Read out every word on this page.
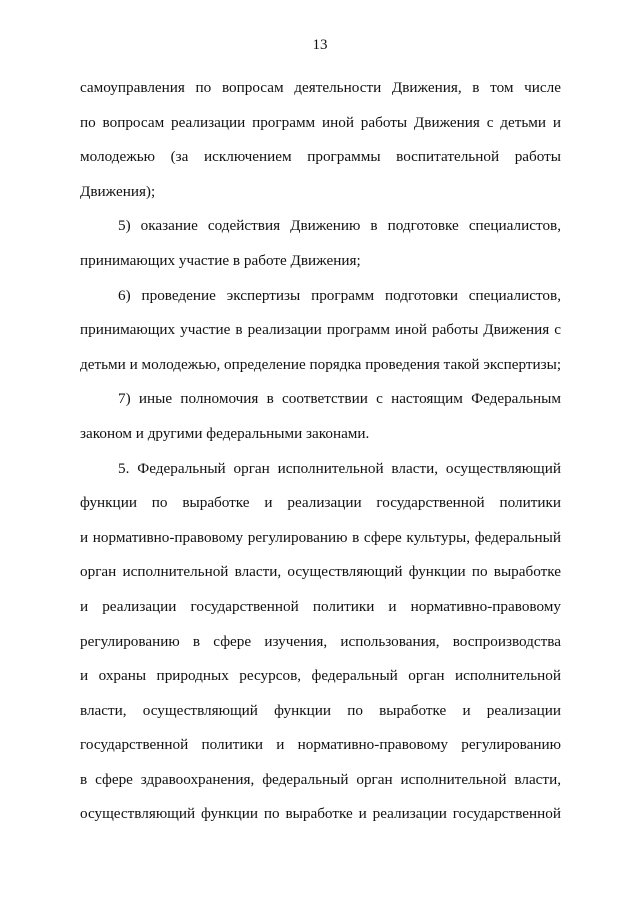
13
самоуправления по вопросам деятельности Движения, в том числе
по вопросам реализации программ иной работы Движения с детьми и
молодежью (за исключением программы воспитательной работы
Движения);
5) оказание содействия Движению в подготовке специалистов,
принимающих участие в работе Движения;
6) проведение экспертизы программ подготовки специалистов,
принимающих участие в реализации программ иной работы Движения с
детьми и молодежью, определение порядка проведения такой экспертизы;
7) иные полномочия в соответствии с настоящим Федеральным
законом и другими федеральными законами.
5. Федеральный орган исполнительной власти, осуществляющий
функции по выработке и реализации государственной политики
и нормативно-правовому регулированию в сфере культуры, федеральный
орган исполнительной власти, осуществляющий функции по выработке
и реализации государственной политики и нормативно-правовому
регулированию в сфере изучения, использования, воспроизводства
и охраны природных ресурсов, федеральный орган исполнительной
власти, осуществляющий функции по выработке и реализации
государственной политики и нормативно-правовому регулированию
в сфере здравоохранения, федеральный орган исполнительной власти,
осуществляющий функции по выработке и реализации государственной
